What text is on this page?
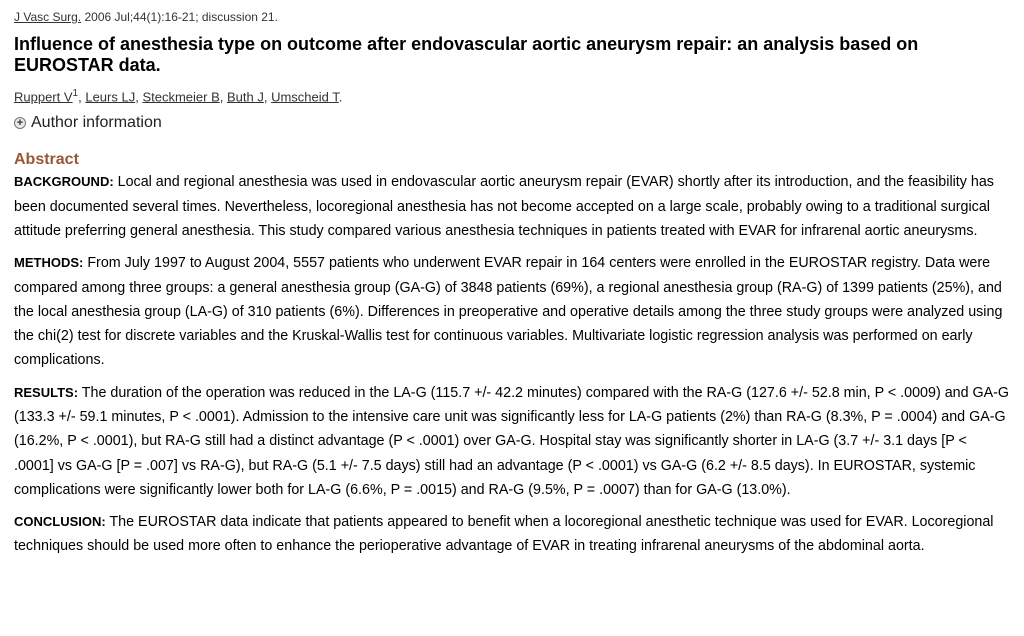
J Vasc Surg. 2006 Jul;44(1):16-21; discussion 21.

Influence of anesthesia type on outcome after endovascular aortic aneurysm repair: an analysis based on EUROSTAR data.
Ruppert $V^1$, Leurs LJ, Steckmeier B, Buth J, Umscheid T.
+ Author information
Abstract

BACKGROUND: Local and regional anesthesia was used in endovascular aortic aneurysm repair (EVAR) shortly after its introduction, and the feasibility has been documented several times. Nevertheless, locoregional anesthesia has not become accepted on a large scale, probably owing to a traditional surgical attitude preferring general anesthesia. This study compared various anesthesia techniques in patients treated with EVAR for infrarenal aortic aneurysms.

METHODS: From July 1997 to August 2004, 5557 patients who underwent EVAR repair in 164 centers were enrolled in the EUROSTAR registry. Data were compared among three groups: a general anesthesia group (GA-G) of 3848 patients (69%), a regional anesthesia group (RA-G) of 1399 patients (25%), and the local anesthesia group (LA-G) of 310 patients (6%). Differences in preoperative and operative details among the three study groups were analyzed using the chi(2) test for discrete variables and the Kruskal-Wallis test for continuous variables. Multivariate logistic regression analysis was performed on early complications.

RESULTS: The duration of the operation was reduced in the LA-G (115.7 +/- 42.2 minutes) compared with the RA-G (127.6 +/- 52.8 min, P < .0009) and GA-G (133.3 +/- 59.1 minutes, P < .0001). Admission to the intensive care unit was significantly less for LA-G patients (2%) than RA-G (8.3%, P = .0004) and GA-G (16.2%, P < .0001), but RA-G still had a distinct advantage (P < .0001) over GA-G. Hospital stay was significantly shorter in LA-G (3.7 +/- 3.1 days [P < .0001] vs GA-G [P = .007] vs RA-G), but RA-G (5.1 +/- 7.5 days) still had an advantage (P < .0001) vs GA-G (6.2 +/- 8.5 days). In EUROSTAR, systemic complications were significantly lower both for LA-G (6.6%, P = .0015) and RA-G (9.5%, P = .0007) than for GA-G (13.0%).

CONCLUSION: The EUROSTAR data indicate that patients appeared to benefit when a locoregional anesthetic technique was used for EVAR. Locoregional techniques should be used more often to enhance the perioperative advantage of EVAR in treating infrarenal aneurysms of the abdominal aorta.
